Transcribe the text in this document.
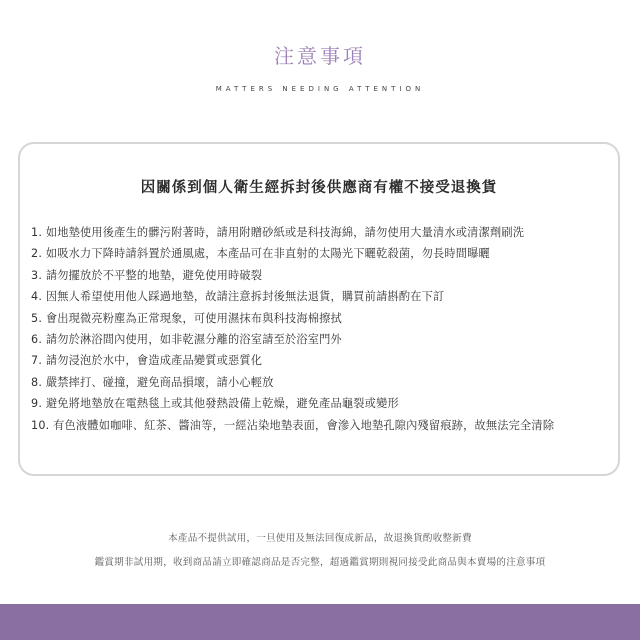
注意事項
MATTERS NEEDING ATTENTION
因關係到個人衛生經拆封後供應商有權不接受退換貨
1. 如地墊使用後產生的髒污附著時，請用附贈砂紙或是科技海綿，請勿使用大量清水或清潔劑刷洗
2. 如吸水力下降時請斜置於通風處，本產品可在非直射的太陽光下曬乾殺菌，勿長時間曝曬
3. 請勿擺放於不平整的地墊，避免使用時破裂
4. 因無人希望使用他人踩過地墊，故請注意拆封後無法退貨，購買前請斟酌在下訂
5. 會出現微亮粉塵為正常現象，可使用濕抹布與科技海棉擦拭
6. 請勿於淋浴間內使用，如非乾濕分離的浴室請至於浴室門外
7. 請勿浸泡於水中，會造成產品變質或惡質化
8. 嚴禁摔打、碰撞，避免商品損壞，請小心輕放
9. 避免將地墊放在電熱毯上或其他發熱設備上乾燥，避免產品龜裂或變形
10. 有色液體如咖啡、紅茶、醬油等，一經沾染地墊表面，會滲入地墊孔隙內殘留痕跡，故無法完全清除
本產品不提供試用，一旦使用及無法回復成新品，故退換貨酌收整新費
鑑賞期非試用期，收到商品請立即確認商品是否完整，超過鑑賞期則視同接受此商品與本賣場的注意事項
